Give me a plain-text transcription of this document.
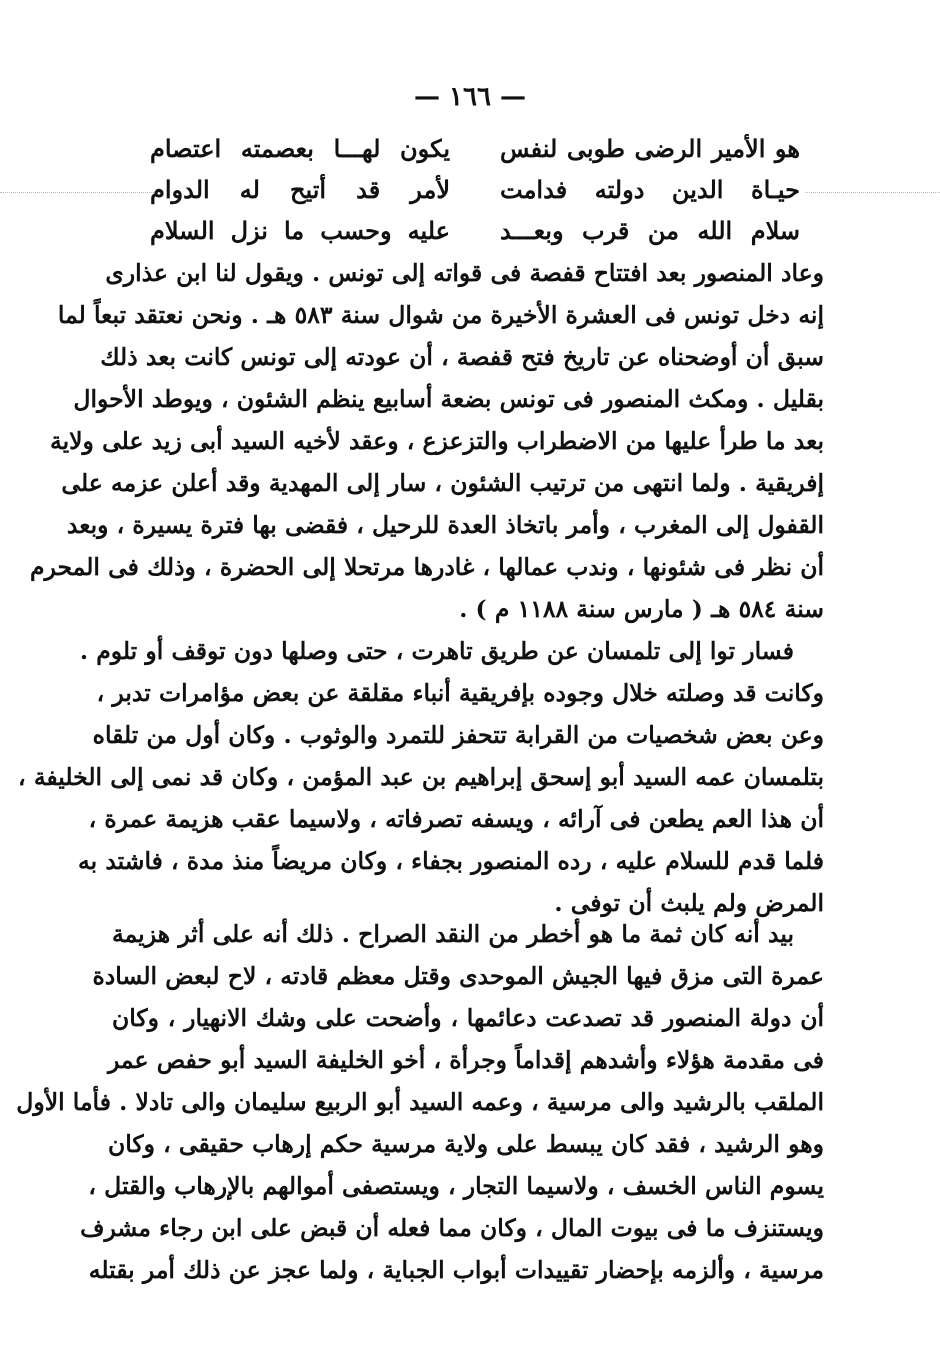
— ١٦٦ —
هو الأمير الرضى طوبى لنفس
يكون لهـــا بعصمته اعتصام
حيـاة الدين دولته فدامت
لأمر قد أتيح له الدوام
سلام الله من قرب وبعـــد
عليه وحسب ما نزل السلام
وعاد المنصور بعد افتتاح قفصة فى قواته إلى تونس . ويقول لنا ابن عذارى
إنه دخل تونس فى العشرة الأخيرة من شوال سنة ٥٨٣ هـ . ونحن نعتقد تبعاً لما
سبق أن أوضحناه عن تاريخ فتح قفصة ، أن عودته إلى تونس كانت بعد ذلك
بقليل . ومكث المنصور فى تونس بضعة أسابيع ينظم الشئون ، ويوطد الأحوال
بعد ما طرأ عليها من الاضطراب والتزعزع ، وعقد لأخيه السيد أبى زيد على ولاية
إفريقية . ولما انتهى من ترتيب الشئون ، سار إلى المهدية وقد أعلن عزمه على
القفول إلى المغرب ، وأمر باتخاذ العدة للرحيل ، فقضى بها فترة يسيرة ، وبعد
أن نظر فى شئونها ، وندب عمالها ، غادرها مرتحلا إلى الحضرة ، وذلك فى المحرم
سنة ٥٨٤ هـ ( مارس سنة ١١٨٨ م ) .
فسار توا إلى تلمسان عن طريق تاهرت ، حتى وصلها دون توقف أو تلوم .
وكانت قد وصلته خلال وجوده بإفريقية أنباء مقلقة عن بعض مؤامرات تدبر ،
وعن بعض شخصيات من القرابة تتحفز للتمرد والوثوب . وكان أول من تلقاه
بتلمسان عمه السيد أبو إسحق إبراهيم بن عبد المؤمن ، وكان قد نمى إلى الخليفة ،
أن هذا العم يطعن فى آرائه ، ويسفه تصرفاته ، ولاسيما عقب هزيمة عمرة ،
فلما قدم للسلام عليه ، رده المنصور بجفاء ، وكان مريضاً منذ مدة ، فاشتد به
المرض ولم يلبث أن توفى .
بيد أنه كان ثمة ما هو أخطر من النقد الصراح . ذلك أنه على أثر هزيمة
عمرة التى مزق فيها الجيش الموحدى وقتل معظم قادته ، لاح لبعض السادة
أن دولة المنصور قد تصدعت دعائمها ، وأضحت على وشك الانهيار ، وكان
فى مقدمة هؤلاء وأشدهم إقداماً وجرأة ، أخو الخليفة السيد أبو حفص عمر
الملقب بالرشيد والى مرسية ، وعمه السيد أبو الربيع سليمان والى تادلا . فأما الأول
وهو الرشيد ، فقد كان يبسط على ولاية مرسية حكم إرهاب حقيقى ، وكان
يسوم الناس الخسف ، ولاسيما التجار ، ويستصفى أموالهم بالإرهاب والقتل ،
ويستنزف ما فى بيوت المال ، وكان مما فعله أن قبض على ابن رجاء مشرف
مرسية ، وألزمه بإحضار تقييدات أبواب الجباية ، ولما عجز عن ذلك أمر بقتله
